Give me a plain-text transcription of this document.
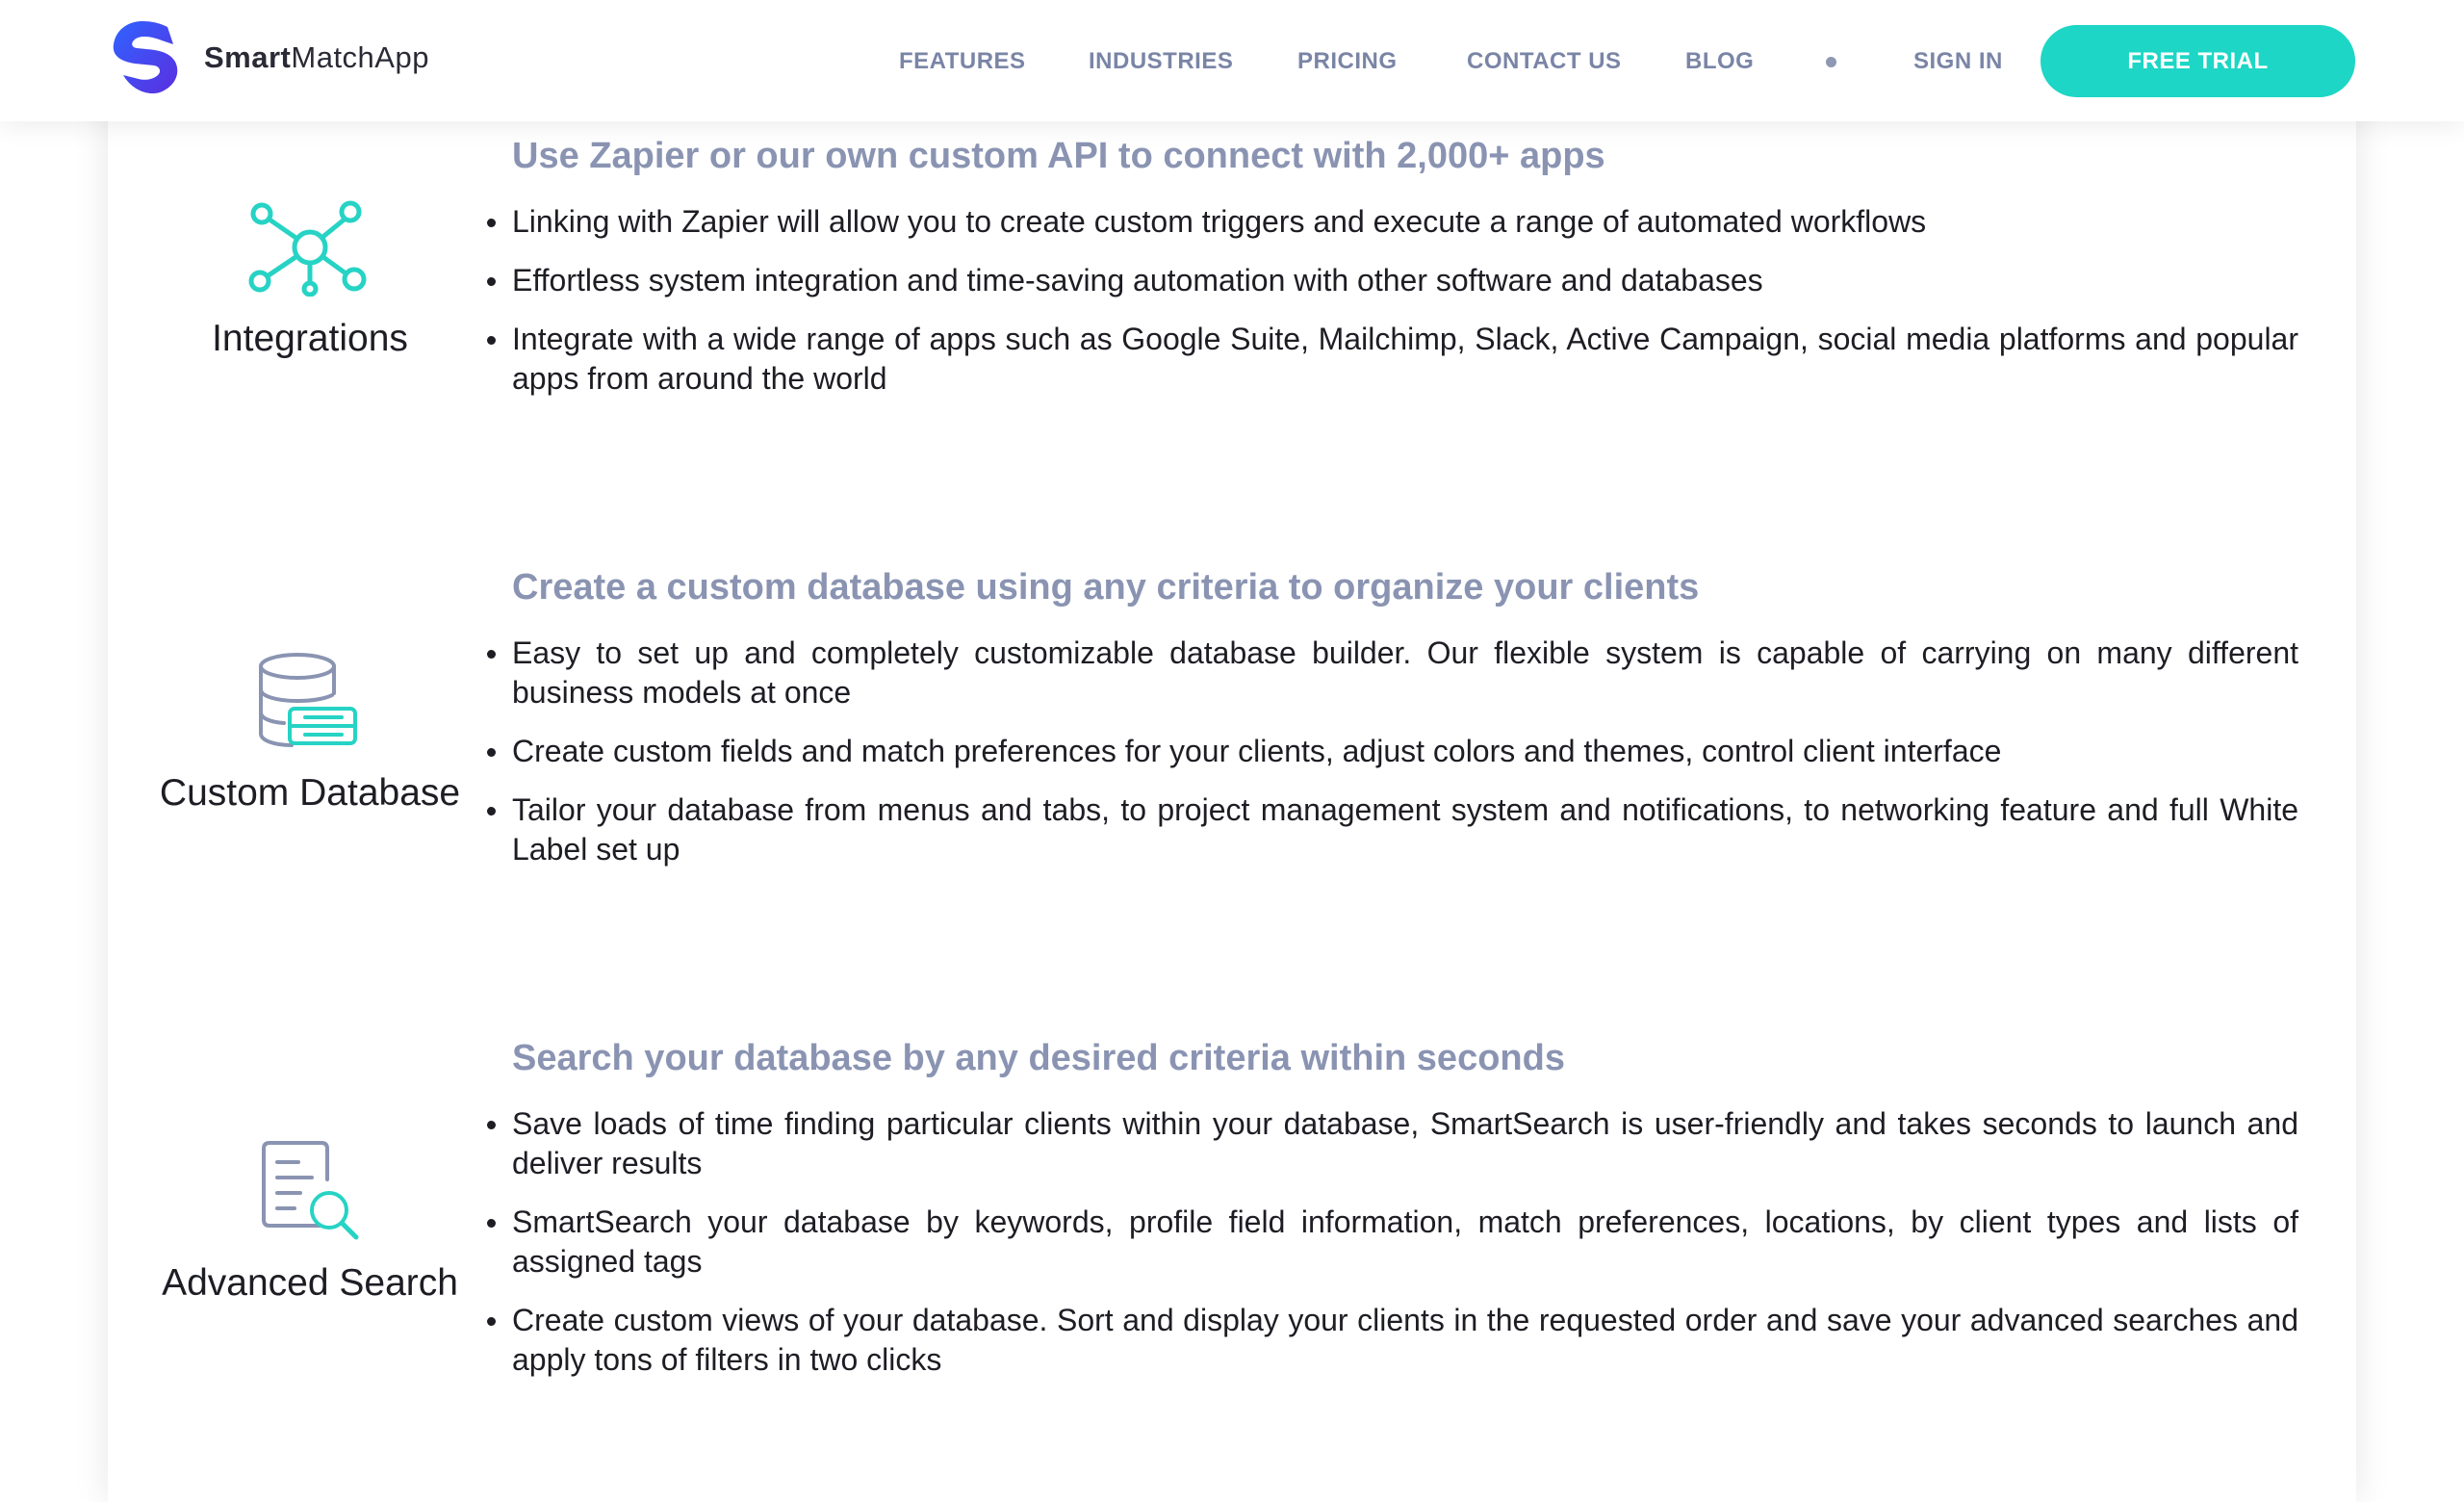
Integrations
Use Zapier or our own custom API to connect with 2,000+ apps
Linking with Zapier will allow you to create custom triggers and execute a range of automated workflows
Effortless system integration and time-saving automation with other software and databases
Integrate with a wide range of apps such as Google Suite, Mailchimp, Slack, Active Campaign, social media platforms and popular apps from around the world
Custom Database
Create a custom database using any criteria to organize your clients
Easy to set up and completely customizable database builder. Our flexible system is capable of carrying on many different business models at once
Create custom fields and match preferences for your clients, adjust colors and themes, control client interface
Tailor your database from menus and tabs, to project management system and notifications, to networking feature and full White Label set up
Advanced Search
Search your database by any desired criteria within seconds
Save loads of time finding particular clients within your database, SmartSearch is user-friendly and takes seconds to launch and deliver results
SmartSearch your database by keywords, profile field information, match preferences, locations, by client types and lists of assigned tags
Create custom views of your database. Sort and display your clients in the requested order and save your advanced searches and apply tons of filters in two clicks
SmartMatchApp	FEATURES	INDUSTRIES	PRICING	CONTACT US	BLOG	SIGN IN	FREE TRIAL
